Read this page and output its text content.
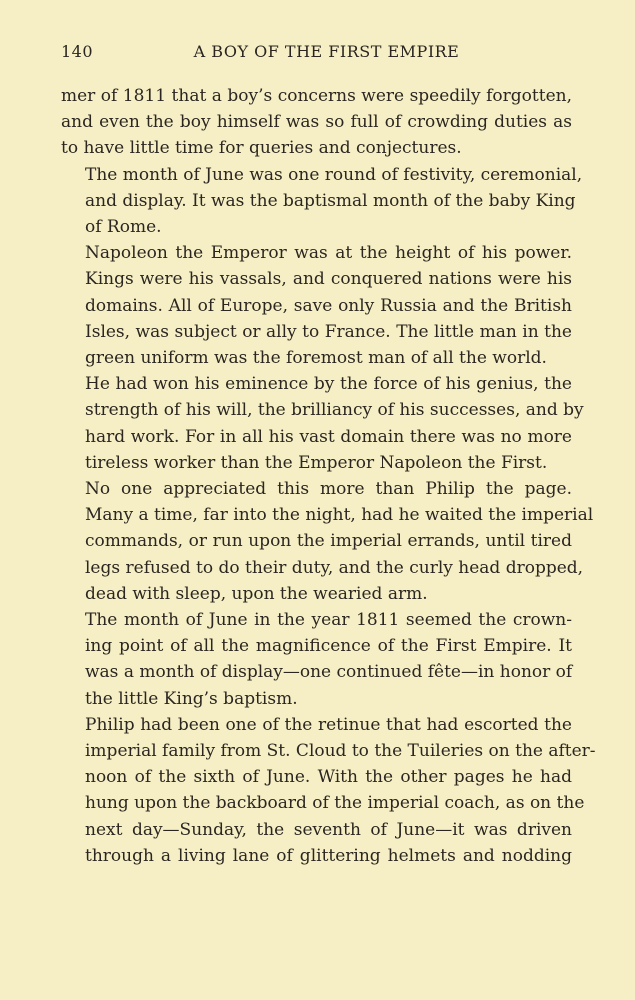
140	A BOY OF THE FIRST EMPIRE

mer of 1811 that a boy’s concerns were speedily forgotten,
and even the boy himself was so full of crowding duties as
to have little time for queries and conjectures.

The month of June was one round of festivity, ceremonial,
and display. It was the baptismal month of the baby King
of Rome.

Napoleon the Emperor was at the height of his power.
Kings were his vassals, and conquered nations were his
domains. All of Europe, save only Russia and the British
Isles, was subject or ally to France. The little man in the
green uniform was the foremost man of all the world.

He had won his eminence by the force of his genius, the
strength of his will, the brilliancy of his successes, and by
hard work. For in all his vast domain there was no more
tireless worker than the Emperor Napoleon the First.

No one appreciated this more than Philip the page.
Many a time, far into the night, had he waited the imperial
commands, or run upon the imperial errands, until tired
legs refused to do their duty, and the curly head dropped,
dead with sleep, upon the wearied arm.

The month of June in the year 1811 seemed the crown-
ing point of all the magnificence of the First Empire. It
was a month of display—one continued fête—in honor of
the little King’s baptism.

Philip had been one of the retinue that had escorted the
imperial family from St. Cloud to the Tuileries on the after-
noon of the sixth of June. With the other pages he had
hung upon the backboard of the imperial coach, as on the
next day—Sunday, the seventh of June—it was driven
through a living lane of glittering helmets and nodding
